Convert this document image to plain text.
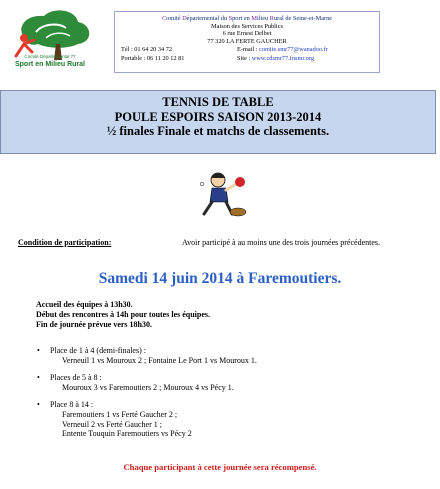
Comité Départemental 77
Sport en Milieu Rural
Comité Départemental du Sport en Milieu Rural de Seine-et-Marne
Maison des Services Publics
6 rue Ernest Delbet
77 320 LA FERTE GAUCHER
Tél : 01 64 20 34 72	E-mail : comite.smr77@wanadoo.fr
Portable : 06 11 20 12 81	Site : www.cdsmr77.fnsmr.org
TENNIS DE TABLE
POULE ESPOIRS SAISON 2013-2014
½ finales Finale et matchs de classements.
Condition de participation :	Avoir participé à au moins une des trois journées précédentes.
Samedi 14 juin 2014 à Faremoutiers.
Accueil des équipes à 13h30.
Début des rencontres à 14h pour toutes les équipes.
Fin de journée prévue vers 18h30.
• Place de 1 à 4 (demi-finales) :
Verneuil 1 vs Mouroux 2 ; Fontaine Le Port 1 vs Mouroux 1.
• Places de 5 à 8 :
Mouroux 3 vs Faremoutiers 2 ; Mouroux 4 vs Pécy 1.
• Place 8 à 14 :
Faremoutiers 1 vs Ferté Gaucher 2 ;
Verneuil 2 vs Ferté Gaucher 1 ;
Entente Touquin Faremoutiers vs Pécy 2
Chaque participant à cette journée sera récompensé.
